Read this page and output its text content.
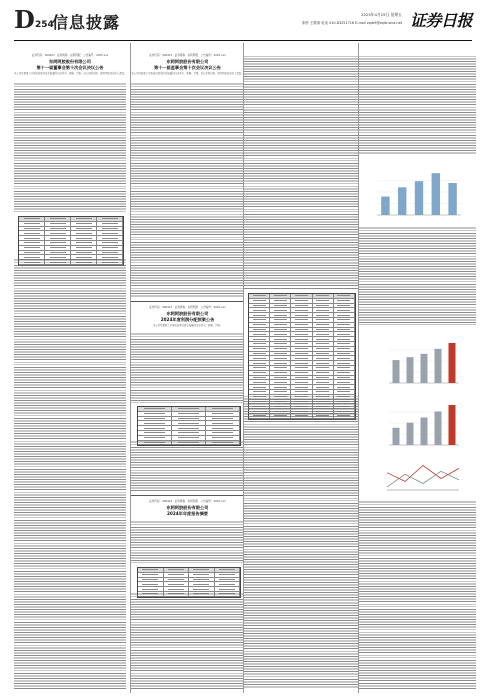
D 254
信息披露	2025年4月25日 星期五
制作 王敬涛 电话 010-83251716 E-mail zqrb9@zqrb.sina.net 证券日报
证券代码：000423　证券简称：东阿阿胶　公告编号：2025-xxx
东阿阿胶股份有限公司
第十一届董事会第十次会议决议公告
本公司及董事会全体成员保证信息披露的内容真实、准确、完整，没有虚假记载、误导性陈述或重大遗漏。
证券代码：000423　证券简称：东阿阿胶　公告编号：2025-xxx
东阿阿胶股份有限公司
第十一届监事会第十次会议决议公告
本公司及监事会全体成员保证信息披露的内容真实、准确、完整，没有虚假记载、误导性陈述或重大遗漏。
证券代码：000423　证券简称：东阿阿胶　公告编号：2025-xxx
东阿阿胶股份有限公司
2024年度利润分配预案公告
本公司及董事会全体成员保证信息披露的内容真实、准确、完整。
证券代码：000423　证券简称：东阿阿胶　公告编号：2025-xxx
东阿阿胶股份有限公司
2024年年度报告摘要
